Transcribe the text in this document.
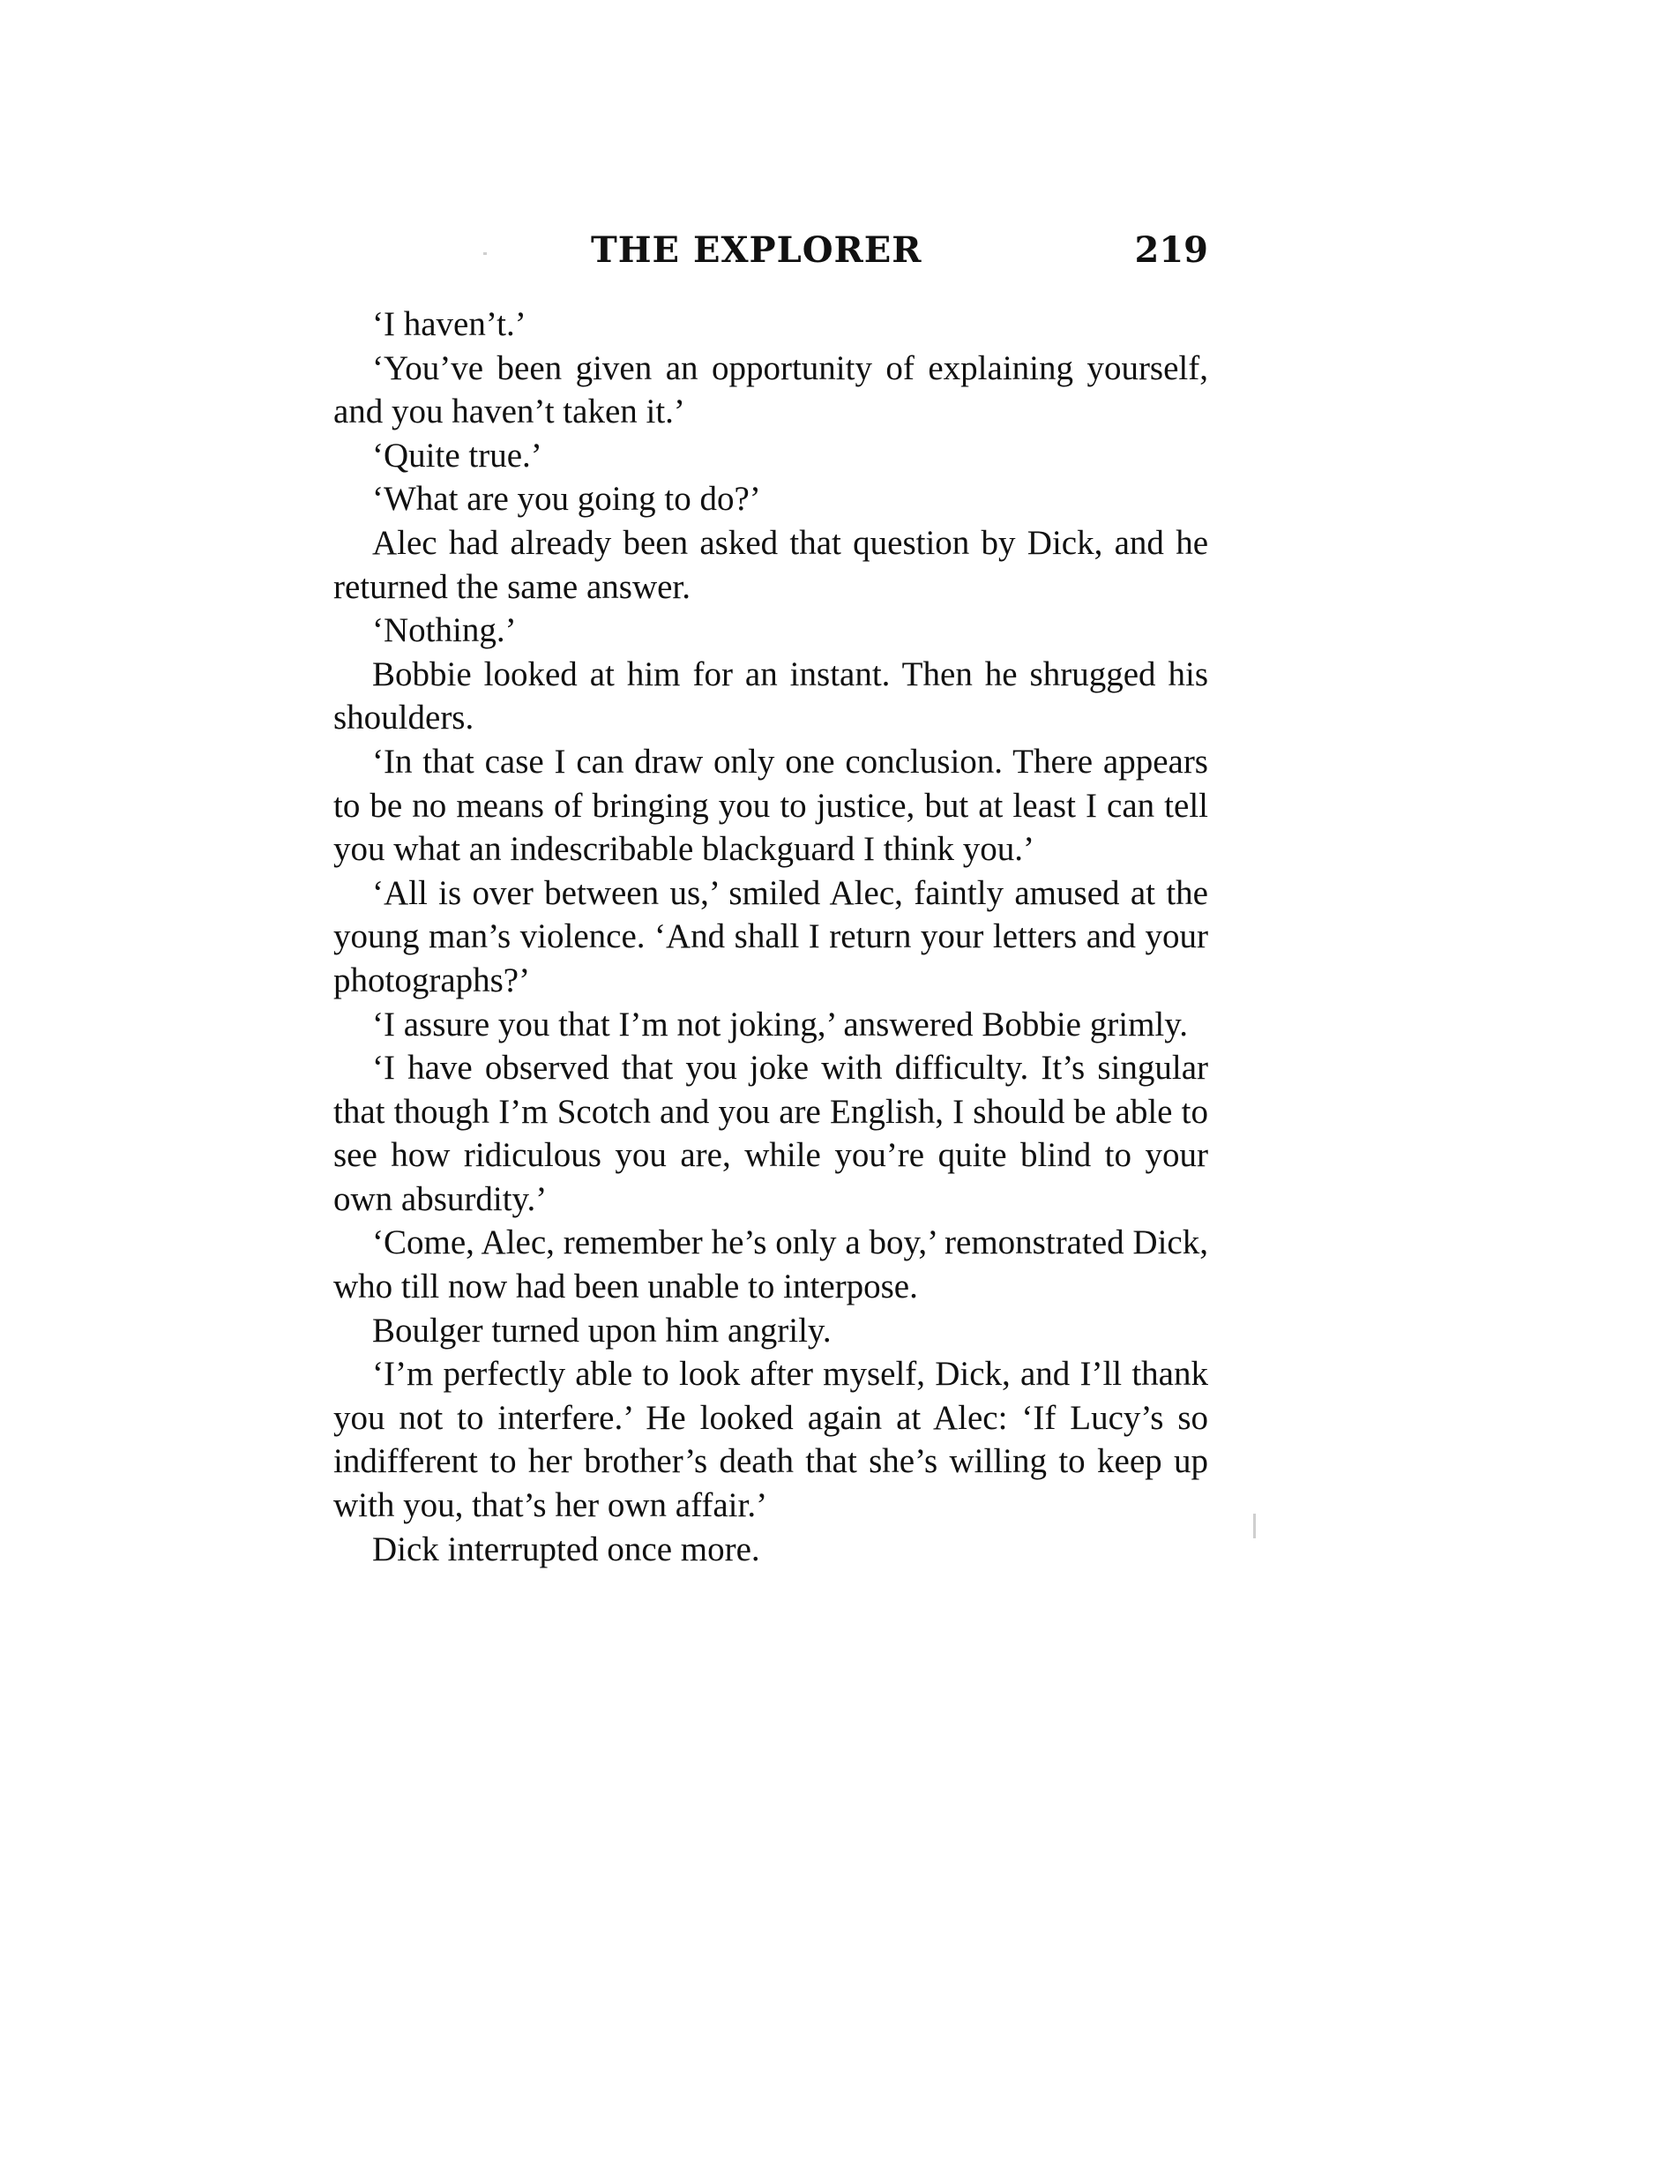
THE EXPLORER	219

‘I haven’t.’

‘You’ve been given an opportunity of explaining yourself, and you haven’t taken it.’

‘Quite true.’

‘What are you going to do?’

Alec had already been asked that question by Dick, and he returned the same answer.

‘Nothing.’

Bobbie looked at him for an instant. Then he shrugged his shoulders.

‘In that case I can draw only one conclusion. There appears to be no means of bringing you to justice, but at least I can tell you what an indescribable blackguard I think you.’

‘All is over between us,’ smiled Alec, faintly amused at the young man’s violence. ‘And shall I return your letters and your photographs?’

‘I assure you that I’m not joking,’ answered Bobbie grimly.

‘I have observed that you joke with difficulty. It’s singular that though I’m Scotch and you are English, I should be able to see how ridiculous you are, while you’re quite blind to your own absurdity.’

‘Come, Alec, remember he’s only a boy,’ remonstrated Dick, who till now had been unable to interpose.

Boulger turned upon him angrily.

‘I’m perfectly able to look after myself, Dick, and I’ll thank you not to interfere.’ He looked again at Alec: ‘If Lucy’s so indifferent to her brother’s death that she’s willing to keep up with you, that’s her own affair.’

Dick interrupted once more.
